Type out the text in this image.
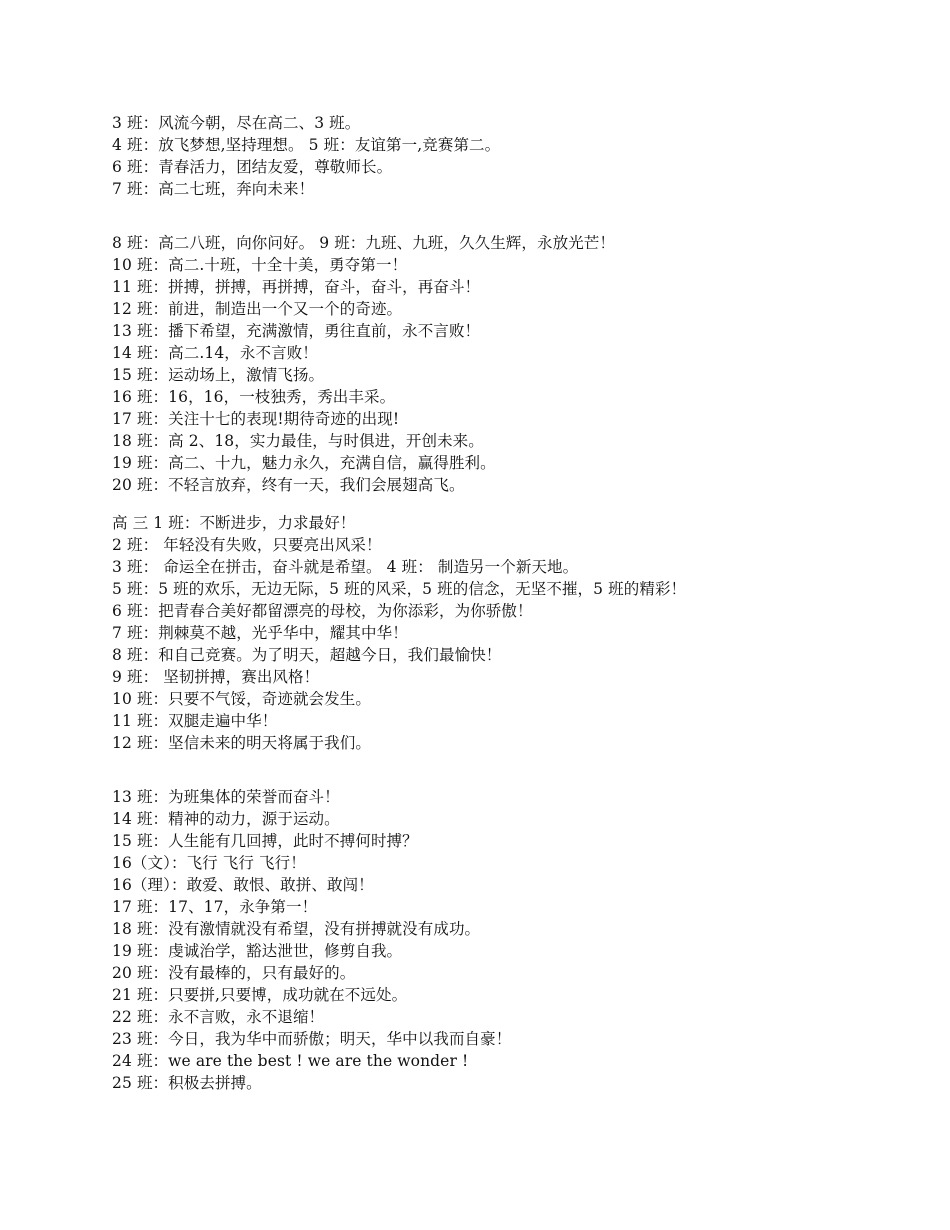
3 班：风流今朝，尽在高二、3 班。
4 班：放飞梦想,坚持理想。 5 班：友谊第一,竞赛第二。
6 班：青春活力，团结友爱，尊敬师长。
7 班：高二七班，奔向未来！
8 班：高二八班，向你问好。 9 班：九班、九班，久久生辉，永放光芒！
10 班：高二.十班，十全十美，勇夺第一！
11 班：拼搏，拼搏，再拼搏，奋斗，奋斗，再奋斗！
12 班：前进，制造出一个又一个的奇迹。
13 班：播下希望，充满激情，勇往直前，永不言败！
14 班：高二.14，永不言败！
15 班：运动场上，激情飞扬。
16 班：16，16，一枝独秀，秀出丰采。
17 班：关注十七的表现!期待奇迹的出现!
18 班：高 2、18，实力最佳，与时俱进，开创未来。
19 班：高二、十九，魅力永久，充满自信，赢得胜利。
20 班：不轻言放弃，终有一天，我们会展翅高飞。
高 三 1 班：不断进步，力求最好！
2 班： 年轻没有失败，只要亮出风采！
3 班： 命运全在拼击，奋斗就是希望。 4 班： 制造另一个新天地。
5 班：5 班的欢乐，无边无际，5 班的风采，5 班的信念，无坚不摧，5 班的精彩！
6 班：把青春合美好都留漂亮的母校，为你添彩，为你骄傲！
7 班：荆棘莫不越，光乎华中，耀其中华！
8 班：和自己竞赛。为了明天，超越今日，我们最愉快！
9 班： 坚韧拼搏，赛出风格！
10 班：只要不气馁，奇迹就会发生。
11 班：双腿走遍中华！
12 班：坚信未来的明天将属于我们。
13 班：为班集体的荣誉而奋斗！
14 班：精神的动力，源于运动。
15 班：人生能有几回搏，此时不搏何时搏？
16（文）：飞行 飞行 飞行！
16（理）：敢爱、敢恨、敢拼、敢闯！
17 班：17、17，永争第一！
18 班：没有激情就没有希望，没有拼搏就没有成功。
19 班：虔诚治学，豁达泄世，修剪自我。
20 班：没有最棒的，只有最好的。
21 班：只要拼,只要博，成功就在不远处。
22 班：永不言败，永不退缩！
23 班：今日，我为华中而骄傲；明天，华中以我而自豪！
24 班：we are the best ! we are the wonder !
25 班：积极去拼搏。
